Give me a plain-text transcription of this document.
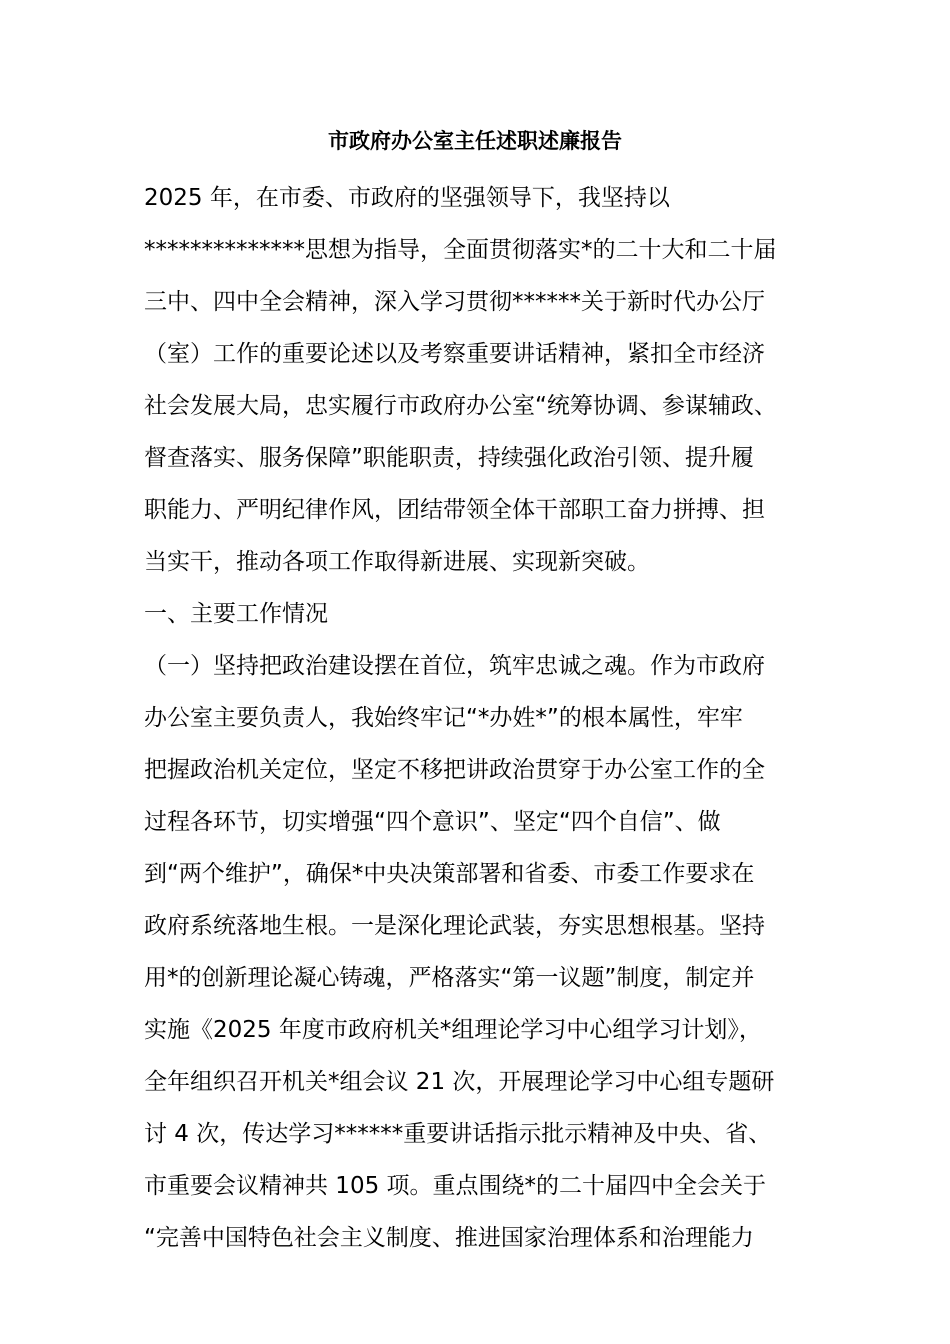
市政府办公室主任述职述廉报告
2025 年，在市委、市政府的坚强领导下，我坚持以
**************思想为指导，全面贯彻落实*的二十大和二十届
三中、四中全会精神，深入学习贯彻******关于新时代办公厅
（室）工作的重要论述以及考察重要讲话精神，紧扣全市经济
社会发展大局，忠实履行市政府办公室“统筹协调、参谋辅政、
督查落实、服务保障”职能职责，持续强化政治引领、提升履
职能力、严明纪律作风，团结带领全体干部职工奋力拼搏、担
当实干，推动各项工作取得新进展、实现新突破。
一、主要工作情况
（一）坚持把政治建设摆在首位，筑牢忠诚之魂。作为市政府
办公室主要负责人，我始终牢记“*办姓*”的根本属性，牢牢
把握政治机关定位，坚定不移把讲政治贯穿于办公室工作的全
过程各环节，切实增强“四个意识”、坚定“四个自信”、做
到“两个维护”，确保*中央决策部署和省委、市委工作要求在
政府系统落地生根。一是深化理论武装，夯实思想根基。坚持
用*的创新理论凝心铸魂，严格落实“第一议题”制度，制定并
实施《2025 年度市政府机关*组理论学习中心组学习计划》，
全年组织召开机关*组会议 21 次，开展理论学习中心组专题研
讨 4 次，传达学习******重要讲话指示批示精神及中央、省、
市重要会议精神共 105 项。重点围绕*的二十届四中全会关于
“完善中国特色社会主义制度、推进国家治理体系和治理能力
